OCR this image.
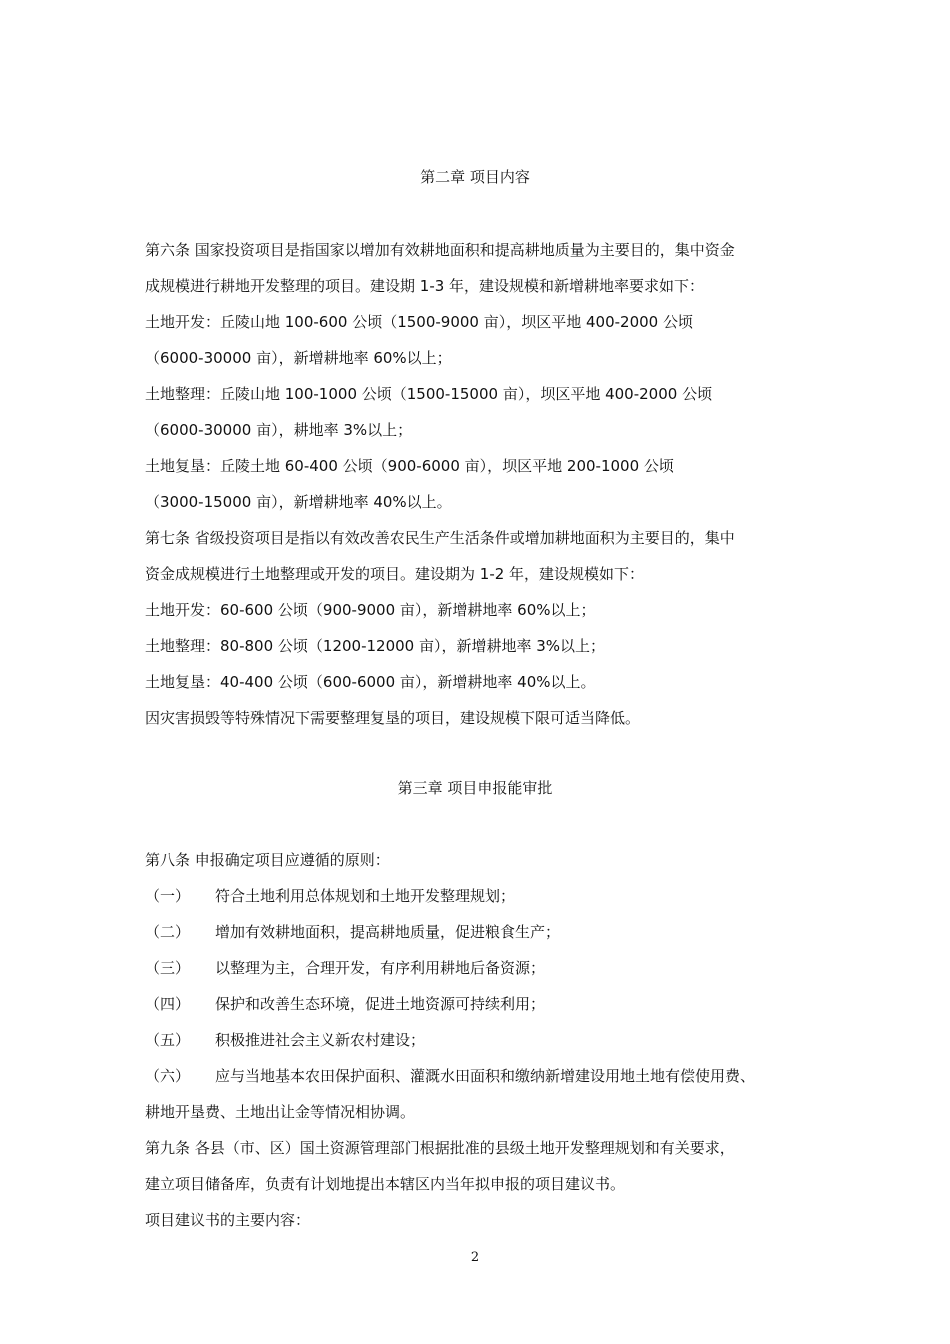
第二章 项目内容
第六条 国家投资项目是指国家以增加有效耕地面积和提高耕地质量为主要目的，集中资金
成规模进行耕地开发整理的项目。建设期 1-3 年，建设规模和新增耕地率要求如下：
土地开发：丘陵山地 100-600 公顷（1500-9000 亩），坝区平地 400-2000 公顷
（6000-30000 亩），新增耕地率 60%以上；
土地整理：丘陵山地 100-1000 公顷（1500-15000 亩），坝区平地 400-2000 公顷
（6000-30000 亩），耕地率 3%以上；
土地复垦：丘陵土地 60-400 公顷（900-6000 亩），坝区平地 200-1000 公顷
（3000-15000 亩），新增耕地率 40%以上。
第七条 省级投资项目是指以有效改善农民生产生活条件或增加耕地面积为主要目的，集中
资金成规模进行土地整理或开发的项目。建设期为 1-2 年，建设规模如下：
土地开发：60-600 公顷（900-9000 亩），新增耕地率 60%以上；
土地整理：80-800 公顷（1200-12000 亩），新增耕地率 3%以上；
土地复垦：40-400 公顷（600-6000 亩），新增耕地率 40%以上。
因灾害损毁等特殊情况下需要整理复垦的项目，建设规模下限可适当降低。
第三章 项目申报能审批
第八条 申报确定项目应遵循的原则：
（一）	符合土地利用总体规划和土地开发整理规划；
（二）	增加有效耕地面积，提高耕地质量，促进粮食生产；
（三）	以整理为主，合理开发，有序利用耕地后备资源；
（四）	保护和改善生态环境，促进土地资源可持续利用；
（五）	积极推进社会主义新农村建设；
（六）	应与当地基本农田保护面积、灌溉水田面积和缴纳新增建设用地土地有偿使用费、
耕地开垦费、土地出让金等情况相协调。
第九条 各县（市、区）国土资源管理部门根据批准的县级土地开发整理规划和有关要求，
建立项目储备库，负责有计划地提出本辖区内当年拟申报的项目建议书。
项目建议书的主要内容：
2
